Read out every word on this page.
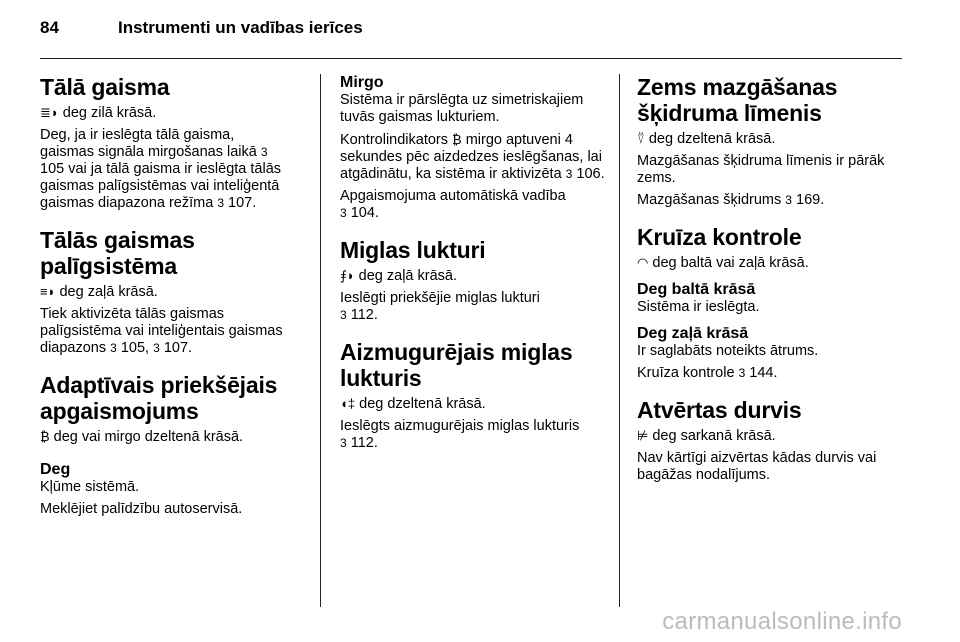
84	Instrumenti un vadības ierīces
Tālā gaisma

≣◗ deg zilā krāsā.

Deg, ja ir ieslēgta tālā gaisma, gaismas signāla mirgošanas laikā 3 105 vai ja tālā gaisma ir ieslēgta tālās gaismas palīgsistēmas vai inteliģentā gaismas diapazona režīma 3 107.

Tālās gaismas
palīgsistēma

≡◗ deg zaļā krāsā.

Tiek aktivizēta tālās gaismas palīgsistēma vai inteliģentais gaismas diapazons 3 105, 3 107.

Adaptīvais priekšējais
apgaismojums

₿ deg vai mirgo dzeltenā krāsā.

Deg

Kļūme sistēmā.

Meklējiet palīdzību autoservisā.

Mirgo

Sistēma ir pārslēgta uz simetriskajiem tuvās gaismas lukturiem.

Kontrolindikators ₿ mirgo aptuveni 4 sekundes pēc aizdedzes ieslēgšanas, lai atgādinātu, ka sistēma ir aktivizēta 3 106.

Apgaismojuma automātiskā vadība
3 104.

Miglas lukturi

⨎◗ deg zaļā krāsā.

Ieslēgti priekšējie miglas lukturi
3 112.

Aizmugurējais miglas
lukturis

◖‡ deg dzeltenā krāsā.

Ieslēgts aizmugurējais miglas lukturis
3 112.

Zems mazgāšanas
šķidruma līmenis

⍢ deg dzeltenā krāsā.

Mazgāšanas šķidruma līmenis ir pārāk zems.

Mazgāšanas šķidrums 3 169.

Kruīza kontrole

◠ deg baltā vai zaļā krāsā.

Deg baltā krāsā

Sistēma ir ieslēgta.

Deg zaļā krāsā

Ir saglabāts noteikts ātrums.

Kruīza kontrole 3 144.

Atvērtas durvis

⊭ deg sarkanā krāsā.

Nav kārtīgi aizvērtas kādas durvis vai bagāžas nodalījums.

carmanualsonline.info
